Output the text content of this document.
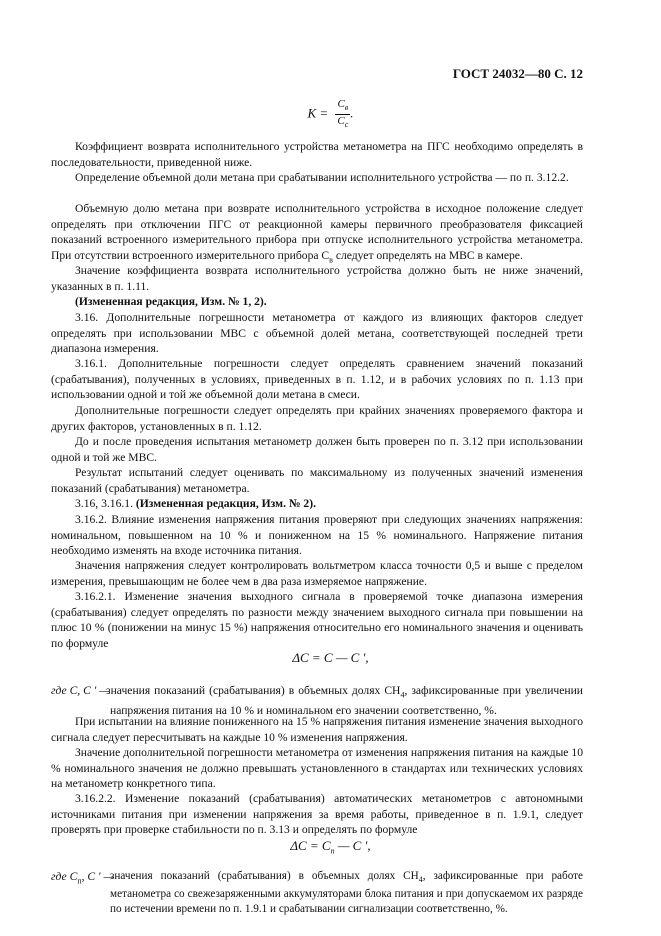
ГОСТ 24032—80 С. 12
$K = \frac{C_в}{C_с}$ .
Коэффициент возврата исполнительного устройства метанометра на ПГС необходимо определять в последовательности, приведенной ниже.
Определение объемной доли метана при срабатывании исполнительного устройства — по п. 3.12.2.
Объемную долю метана при возврате исполнительного устройства в исходное положение следует определять при отключении ПГС от реакционной камеры первичного преобразователя фиксацией показаний встроенного измерительного прибора при отпуске исполнительного устройства метанометра. При отсутствии встроенного измерительного прибора $C_в$ следует определять на МВС в камере.
Значение коэффициента возврата исполнительного устройства должно быть не ниже значений, указанных в п. 1.11.
(Измененная редакция, Изм. № 1, 2).
3.16. Дополнительные погрешности метанометра от каждого из влияющих факторов следует определять при использовании МВС с объемной долей метана, соответствующей последней трети диапазона измерения.
3.16.1. Дополнительные погрешности следует определять сравнением значений показаний (срабатывания), полученных в условиях, приведенных в п. 1.12, и в рабочих условиях по п. 1.13 при использовании одной и той же объемной доли метана в смеси.
Дополнительные погрешности следует определять при крайних значениях проверяемого фактора и других факторов, установленных в п. 1.12.
До и после проведения испытания метанометр должен быть проверен по п. 3.12 при использовании одной и той же МВС.
Результат испытаний следует оценивать по максимальному из полученных значений изменения показаний (срабатывания) метанометра.
3.16, 3.16.1. (Измененная редакция, Изм. № 2).
3.16.2. Влияние изменения напряжения питания проверяют при следующих значениях напряжения: номинальном, повышенном на 10 % и пониженном на 15 % номинального. Напряжение питания необходимо изменять на входе источника питания.
Значения напряжения следует контролировать вольтметром класса точности 0,5 и выше с пределом измерения, превышающим не более чем в два раза измеряемое напряжение.
3.16.2.1. Изменение значения выходного сигнала в проверяемой точке диапазона измерения (срабатывания) следует определять по разности между значением выходного сигнала при повышении на плюс 10 % (понижении на минус 15 %) напряжения относительно его номинального значения и оценивать по формуле
ΔC = C — C ′,
где C, C ′ —
значения показаний (срабатывания) в объемных долях $CH_4$, зафиксированные при увеличении напряжения питания на 10 % и номинальном его значении соответственно, %.
При испытании на влияние пониженного на 15 % напряжения питания изменение значения выходного сигнала следует пересчитывать на каждые 10 % изменения напряжения.
Значение дополнительной погрешности метанометра от изменения напряжения питания на каждые 10 % номинального значения не должно превышать установленного в стандартах или технических условиях на метанометр конкретного типа.
3.16.2.2. Изменение показаний (срабатывания) автоматических метанометров с автономными источниками питания при изменении напряжения за время работы, приведенное в п. 1.9.1, следует проверять при проверке стабильности по п. 3.13 и определять по формуле
$\Delta C = C_п$ — C ′,
где $C_п$, C ′ —
значения показаний (срабатывания) в объемных долях $CH_4$, зафиксированные при работе метанометра со свежезаряженными аккумуляторами блока питания и при допускаемом их разряде по истечении времени по п. 1.9.1 и срабатывании сигнализации соответственно, %.
